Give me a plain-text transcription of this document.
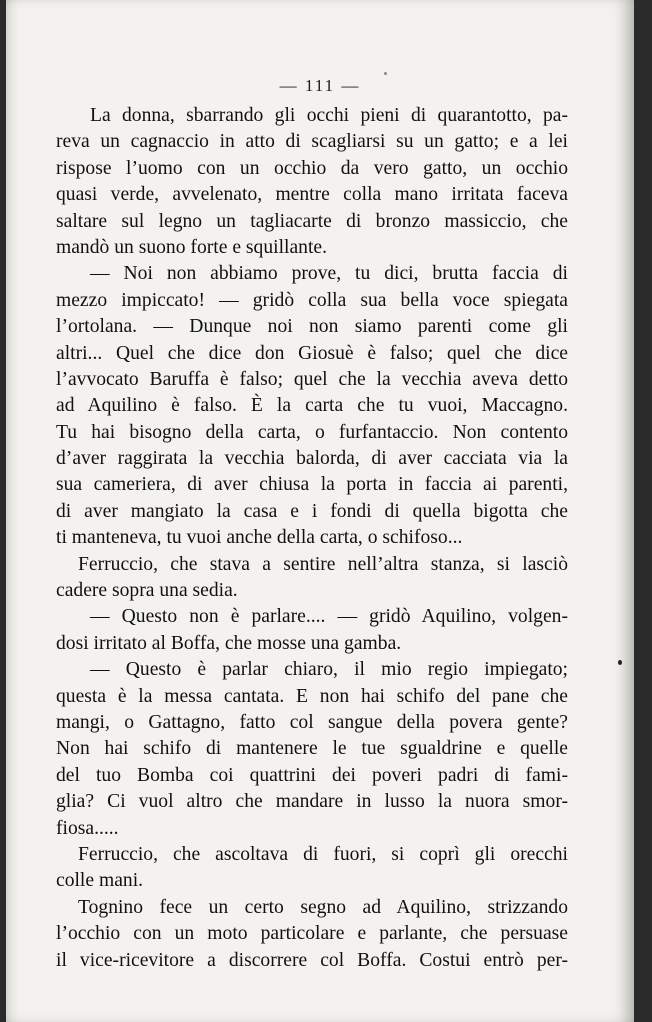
— 111 —
La donna, sbarrando gli occhi pieni di quarantotto, pa-
reva un cagnaccio in atto di scagliarsi su un gatto; e a lei
rispose l’uomo con un occhio da vero gatto, un occhio
quasi verde, avvelenato, mentre colla mano irritata faceva
saltare sul legno un tagliacarte di bronzo massiccio, che
mandò un suono forte e squillante.
— Noi non abbiamo prove, tu dici, brutta faccia di
mezzo impiccato! — gridò colla sua bella voce spiegata
l’ortolana. — Dunque noi non siamo parenti come gli
altri... Quel che dice don Giosuè è falso; quel che dice
l’avvocato Baruffa è falso; quel che la vecchia aveva detto
ad Aquilino è falso. È la carta che tu vuoi, Maccagno.
Tu hai bisogno della carta, o furfantaccio. Non contento
d’aver raggirata la vecchia balorda, di aver cacciata via la
sua cameriera, di aver chiusa la porta in faccia ai parenti,
di aver mangiato la casa e i fondi di quella bigotta che
ti manteneva, tu vuoi anche della carta, o schifoso...
Ferruccio, che stava a sentire nell’altra stanza, si lasciò
cadere sopra una sedia.
— Questo non è parlare.... — gridò Aquilino, volgen-
dosi irritato al Boffa, che mosse una gamba.
— Questo è parlar chiaro, il mio regio impiegato;
questa è la messa cantata. E non hai schifo del pane che
mangi, o Gattagno, fatto col sangue della povera gente?
Non hai schifo di mantenere le tue sgualdrine e quelle
del tuo Bomba coi quattrini dei poveri padri di fami-
glia? Ci vuol altro che mandare in lusso la nuora smor-
fiosa.....
Ferruccio, che ascoltava di fuori, si coprì gli orecchi
colle mani.
Tognino fece un certo segno ad Aquilino, strizzando
l’occhio con un moto particolare e parlante, che persuase
il vice-ricevitore a discorrere col Boffa. Costui entrò per-
